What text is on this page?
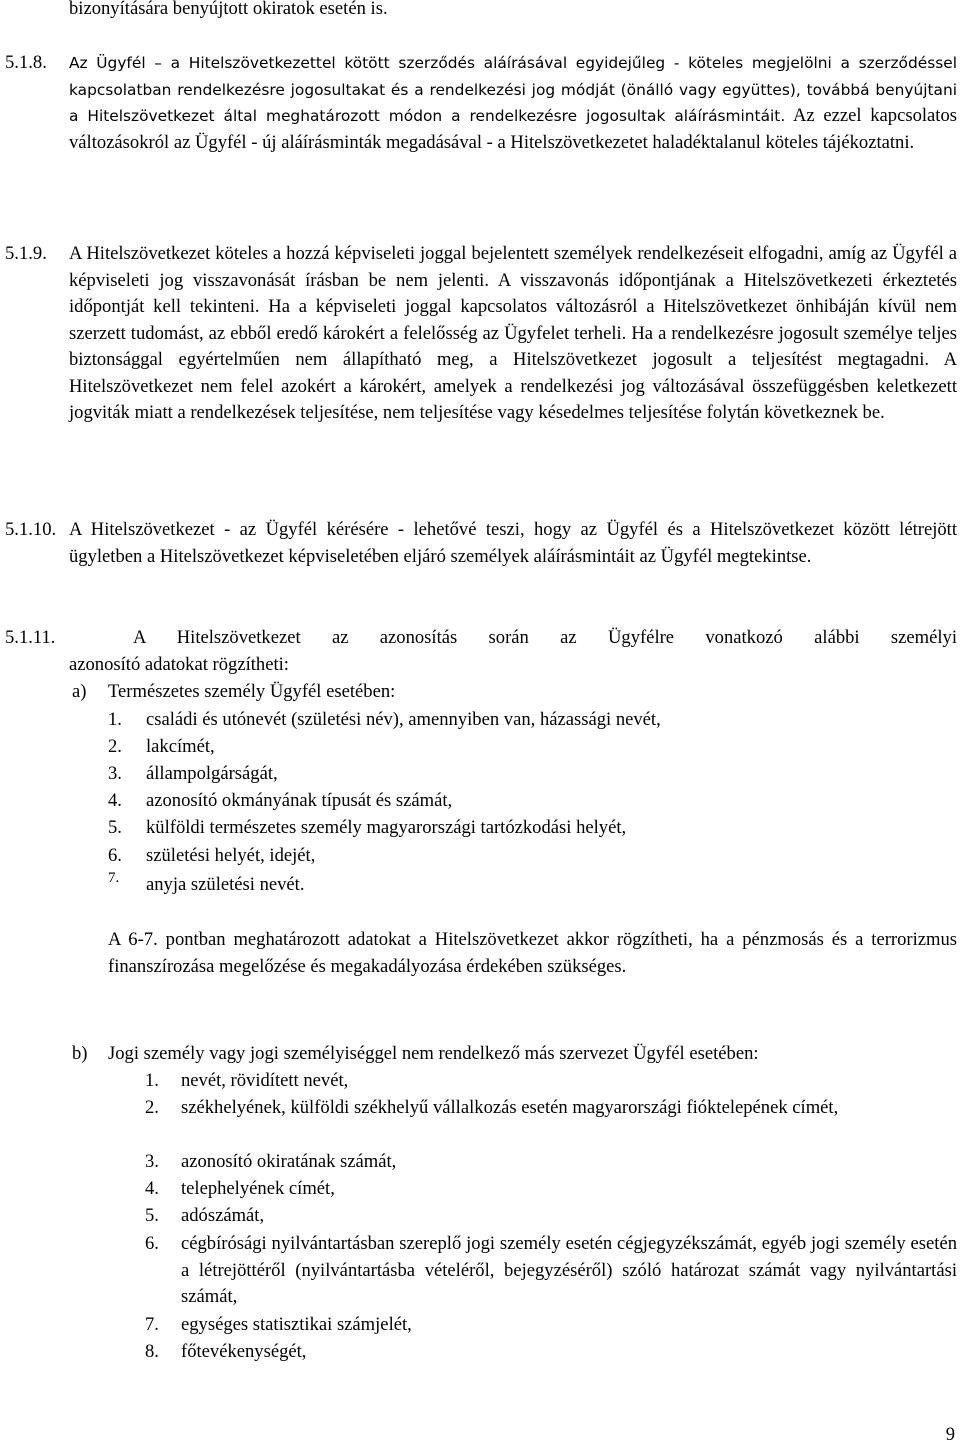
bizonyítására benyújtott okiratok esetén is.
5.1.8. Az Ügyfél – a Hitelszövetkezettel kötött szerződés aláírásával egyidejűleg - köteles megjelölni a szerződéssel kapcsolatban rendelkezésre jogosultakat és a rendelkezési jog módját (önálló vagy együttes), továbbá benyújtani a Hitelszövetkezet által meghatározott módon a rendelkezésre jogosultak aláírásmintáit. Az ezzel kapcsolatos változásokról az Ügyfél - új aláírásminták megadásával - a Hitelszövetkezetet haladéktalanul köteles tájékoztatni.
5.1.9. A Hitelszövetkezet köteles a hozzá képviseleti joggal bejelentett személyek rendelkezéseit elfogadni, amíg az Ügyfél a képviseleti jog visszavonását írásban be nem jelenti. A visszavonás időpontjának a Hitelszövetkezeti érkeztetés időpontját kell tekinteni. Ha a képviseleti joggal kapcsolatos változásról a Hitelszövetkezet önhibáján kívül nem szerzett tudomást, az ebből eredő károkért a felelősség az Ügyfelet terheli. Ha a rendelkezésre jogosult személye teljes biztonsággal egyértelműen nem állapítható meg, a Hitelszövetkezet jogosult a teljesítést megtagadni. A Hitelszövetkezet nem felel azokért a károkért, amelyek a rendelkezési jog változásával összefüggésben keletkezett jogviták miatt a rendelkezések teljesítése, nem teljesítése vagy késedelmes teljesítése folytán következnek be.
5.1.10. A Hitelszövetkezet - az Ügyfél kérésére - lehetővé teszi, hogy az Ügyfél és a Hitelszövetkezet között létrejött ügyletben a Hitelszövetkezet képviseletében eljáró személyek aláírásmintáit az Ügyfél megtekintse.
5.1.11.	A Hitelszövetkezet az azonosítás során az Ügyfélre vonatkozó alábbi személyi
azonosító adatokat rögzítheti:
a) Természetes személy Ügyfél esetében:
1. családi és utónevét (születési név), amennyiben van, házassági nevét,
2. lakcímét,
3. állampolgárságát,
4. azonosító okmányának típusát és számát,
5. külföldi természetes személy magyarországi tartózkodási helyét,
6. születési helyét, idejét,
7. anyja születési nevét.
A 6-7. pontban meghatározott adatokat a Hitelszövetkezet akkor rögzítheti, ha a pénzmosás és a terrorizmus finanszírozása megelőzése és megakadályozása érdekében szükséges.
b) Jogi személy vagy jogi személyiséggel nem rendelkező más szervezet Ügyfél esetében:
1. nevét, rövidített nevét,
2. székhelyének, külföldi székhelyű vállalkozás esetén magyarországi fióktelepének címét,
3. azonosító okiratának számát,
4. telephelyének címét,
5. adószámát,
6. cégbírósági nyilvántartásban szereplő jogi személy esetén cégjegyzékszámát, egyéb jogi személy esetén a létrejöttéről (nyilvántartásba vételéről, bejegyzéséről) szóló határozat számát vagy nyilvántartási számát,
7. egységes statisztikai számjelét,
8. főtevékenységét,
9
